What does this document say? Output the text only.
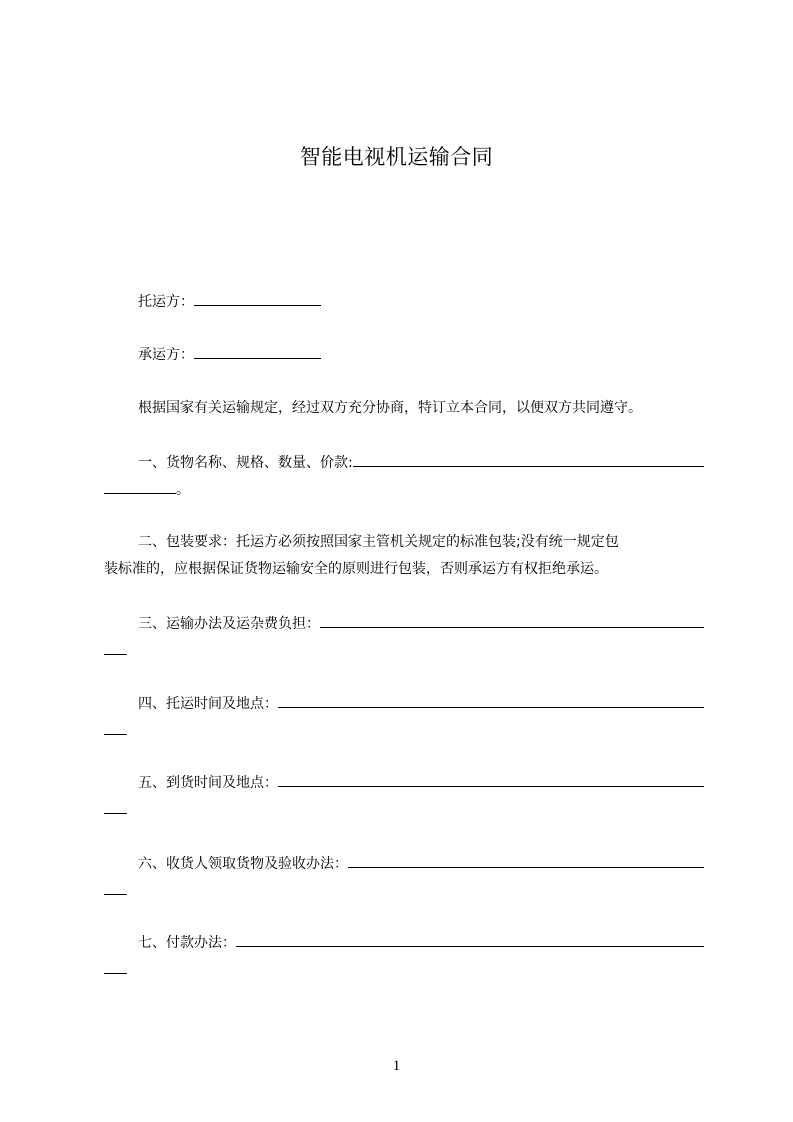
智能电视机运输合同
托运方：
承运方：
根据国家有关运输规定，经过双方充分协商，特订立本合同，以便双方共同遵守。
一、货物名称、规格、数量、价款:
。
二、包装要求：托运方必须按照国家主管机关规定的标准包装;没有统一规定包
装标准的，应根据保证货物运输安全的原则进行包装，否则承运方有权拒绝承运。
三、运输办法及运杂费负担：
四、托运时间及地点：
五、到货时间及地点：
六、收货人领取货物及验收办法：
七、付款办法：
1
